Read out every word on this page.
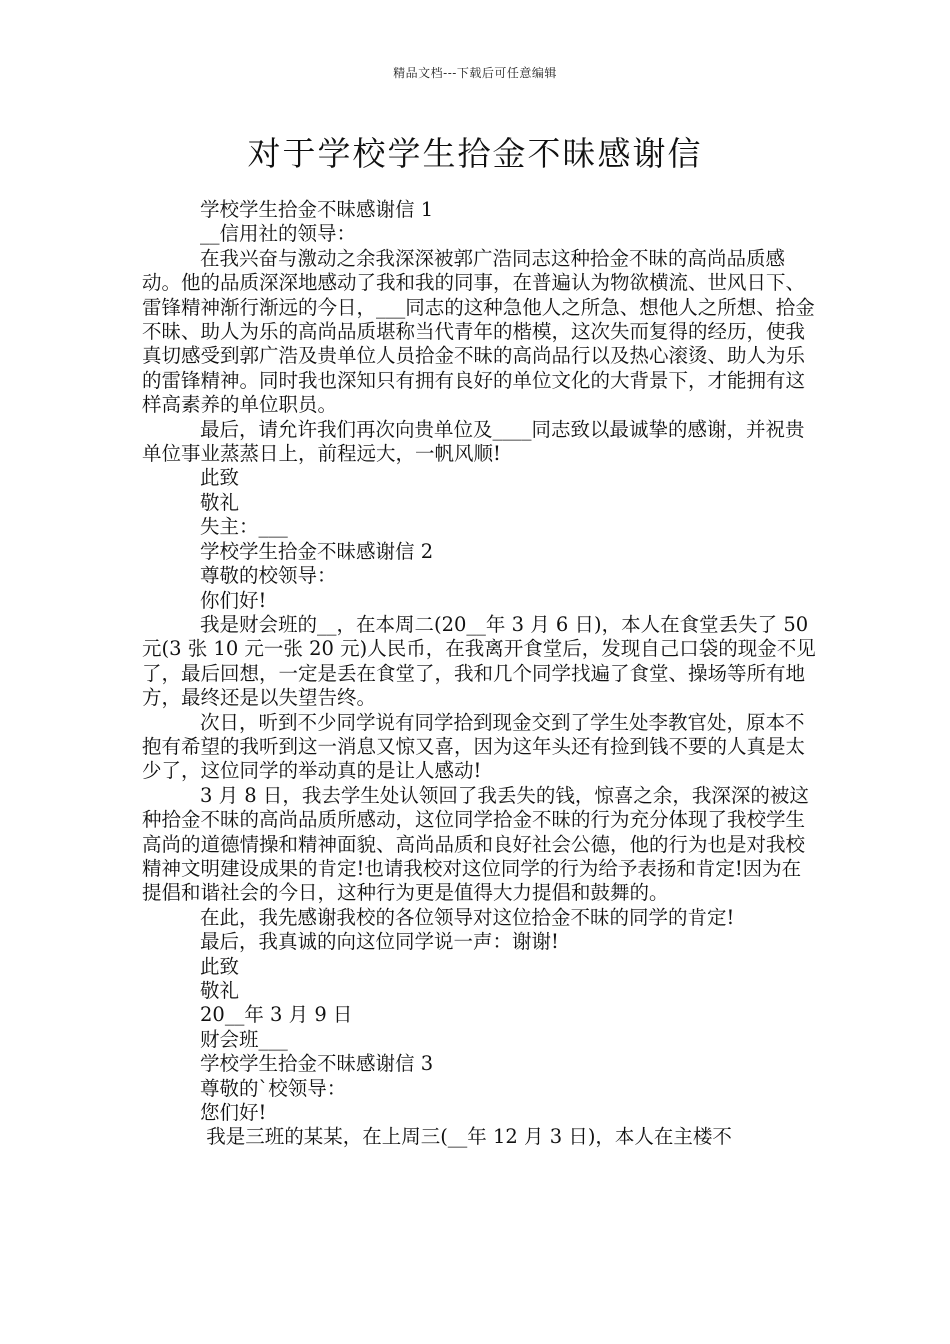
精品文档---下载后可任意编辑
对于学校学生拾金不昧感谢信

学校学生拾金不昧感谢信 1

__信用社的领导：

在我兴奋与激动之余我深深被郭广浩同志这种拾金不昧的高尚品质感动。他的品质深深地感动了我和我的同事，在普遍认为物欲横流、世风日下、雷锋精神渐行渐远的今日，___同志的这种急他人之所急、想他人之所想、拾金不昧、助人为乐的高尚品质堪称当代青年的楷模，这次失而复得的经历，使我真切感受到郭广浩及贵单位人员拾金不昧的高尚品行以及热心滚烫、助人为乐的雷锋精神。同时我也深知只有拥有良好的单位文化的大背景下，才能拥有这样高素养的单位职员。

最后，请允许我们再次向贵单位及____同志致以最诚挚的感谢，并祝贵单位事业蒸蒸日上，前程远大，一帆风顺!

此致

敬礼

失主：___

学校学生拾金不昧感谢信 2

尊敬的校领导：

你们好!

我是财会班的__，在本周二(20__年 3 月 6 日)，本人在食堂丢失了 50 元(3 张 10 元一张 20 元)人民币，在我离开食堂后，发现自己口袋的现金不见了，最后回想，一定是丢在食堂了，我和几个同学找遍了食堂、操场等所有地方，最终还是以失望告终。

次日，听到不少同学说有同学拾到现金交到了学生处李教官处，原本不抱有希望的我听到这一消息又惊又喜，因为这年头还有捡到钱不要的人真是太少了，这位同学的举动真的是让人感动!

3 月 8 日，我去学生处认领回了我丢失的钱，惊喜之余，我深深的被这种拾金不昧的高尚品质所感动，这位同学拾金不昧的行为充分体现了我校学生高尚的道德情操和精神面貌、高尚品质和良好社会公德，他的行为也是对我校精神文明建设成果的肯定!也请我校对这位同学的行为给予表扬和肯定!因为在提倡和谐社会的今日，这种行为更是值得大力提倡和鼓舞的。

在此，我先感谢我校的各位领导对这位拾金不昧的同学的肯定!

最后，我真诚的向这位同学说一声：谢谢!

此致

敬礼

20__年 3 月 9 日

财会班___

学校学生拾金不昧感谢信 3

尊敬的`校领导：

您们好!

我是三班的某某，在上周三(__年 12 月 3 日)，本人在主楼不
